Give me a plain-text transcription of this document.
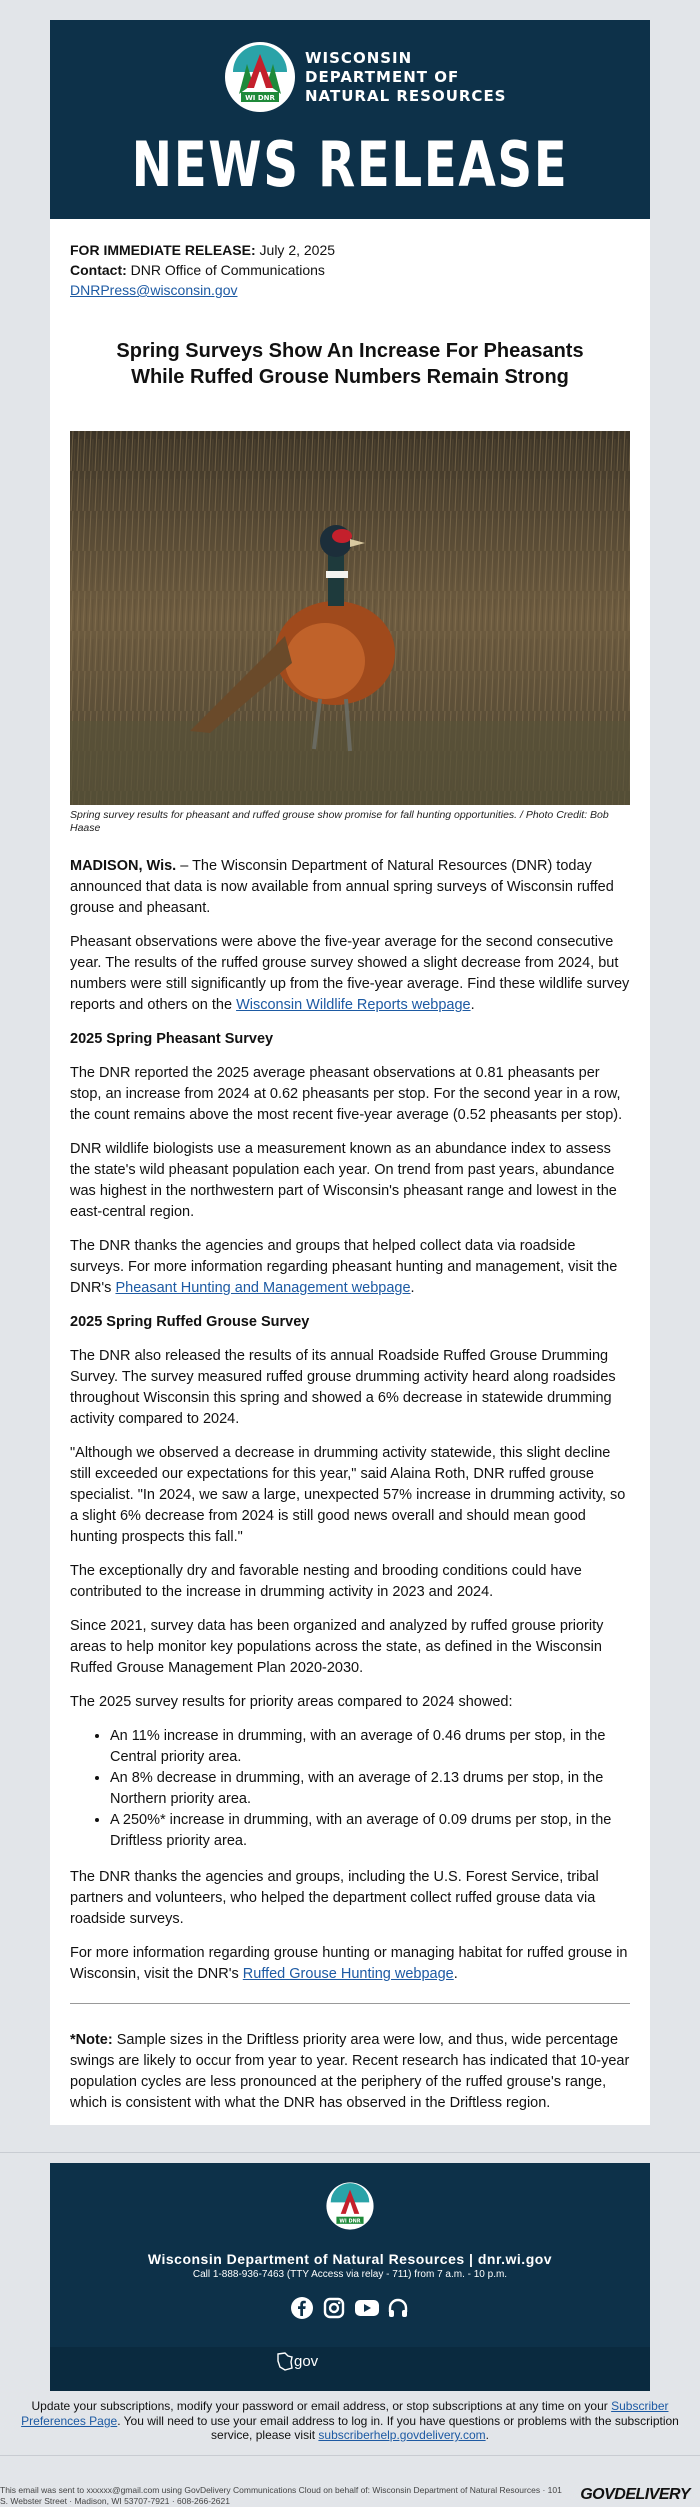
WI DNR
WISCONSIN
DEPARTMENT OF
NATURAL RESOURCES
NEWS RELEASE

FOR IMMEDIATE RELEASE: July 2, 2025

Contact: DNR Office of Communications

DNRPress@wisconsin.gov

Spring Surveys Show An Increase For Pheasants While Ruffed Grouse Numbers Remain Strong
Spring survey results for pheasant and ruffed grouse show promise for fall hunting opportunities. / Photo Credit: Bob Haase

MADISON, Wis. – The Wisconsin Department of Natural Resources (DNR) today announced that data is now available from annual spring surveys of Wisconsin ruffed grouse and pheasant.

Pheasant observations were above the five-year average for the second consecutive year. The results of the ruffed grouse survey showed a slight decrease from 2024, but numbers were still significantly up from the five-year average. Find these wildlife survey reports and others on the Wisconsin Wildlife Reports webpage.

2025 Spring Pheasant Survey

The DNR reported the 2025 average pheasant observations at 0.81 pheasants per stop, an increase from 2024 at 0.62 pheasants per stop. For the second year in a row, the count remains above the most recent five-year average (0.52 pheasants per stop).

DNR wildlife biologists use a measurement known as an abundance index to assess the state's wild pheasant population each year. On trend from past years, abundance was highest in the northwestern part of Wisconsin's pheasant range and lowest in the east-central region.

The DNR thanks the agencies and groups that helped collect data via roadside surveys. For more information regarding pheasant hunting and management, visit the DNR's Pheasant Hunting and Management webpage.

2025 Spring Ruffed Grouse Survey

The DNR also released the results of its annual Roadside Ruffed Grouse Drumming Survey. The survey measured ruffed grouse drumming activity heard along roadsides throughout Wisconsin this spring and showed a 6% decrease in statewide drumming activity compared to 2024.

"Although we observed a decrease in drumming activity statewide, this slight decline still exceeded our expectations for this year," said Alaina Roth, DNR ruffed grouse specialist. "In 2024, we saw a large, unexpected 57% increase in drumming activity, so a slight 6% decrease from 2024 is still good news overall and should mean good hunting prospects this fall."

The exceptionally dry and favorable nesting and brooding conditions could have contributed to the increase in drumming activity in 2023 and 2024.

Since 2021, survey data has been organized and analyzed by ruffed grouse priority areas to help monitor key populations across the state, as defined in the Wisconsin Ruffed Grouse Management Plan 2020-2030.

The 2025 survey results for priority areas compared to 2024 showed:

• An 11% increase in drumming, with an average of 0.46 drums per stop, in the Central priority area.
• An 8% decrease in drumming, with an average of 2.13 drums per stop, in the Northern priority area.
• A 250%* increase in drumming, with an average of 0.09 drums per stop, in the Driftless priority area.

The DNR thanks the agencies and groups, including the U.S. Forest Service, tribal partners and volunteers, who helped the department collect ruffed grouse data via roadside surveys.

For more information regarding grouse hunting or managing habitat for ruffed grouse in Wisconsin, visit the DNR's Ruffed Grouse Hunting webpage.

*Note: Sample sizes in the Driftless priority area were low, and thus, wide percentage swings are likely to occur from year to year. Recent research has indicated that 10-year population cycles are less pronounced at the periphery of the ruffed grouse's range, which is consistent with what the DNR has observed in the Driftless region.

WI DNR
Wisconsin Department of Natural Resources | dnr.wi.gov
Call 1-888-936-7463 (TTY Access via relay - 711) from 7 a.m. - 10 p.m.
gov
Update your subscriptions, modify your password or email address, or stop subscriptions at any time on your Subscriber Preferences Page. You will need to use your email address to log in. If you have questions or problems with the subscription service, please visit subscriberhelp.govdelivery.com.
This email was sent to xxxxxx@gmail.com using GovDelivery Communications Cloud on behalf of: Wisconsin Department of Natural Resources · 101 S. Webster Street · Madison, WI 53707-7921 · 608-266-2621	GOVDELIVERY
